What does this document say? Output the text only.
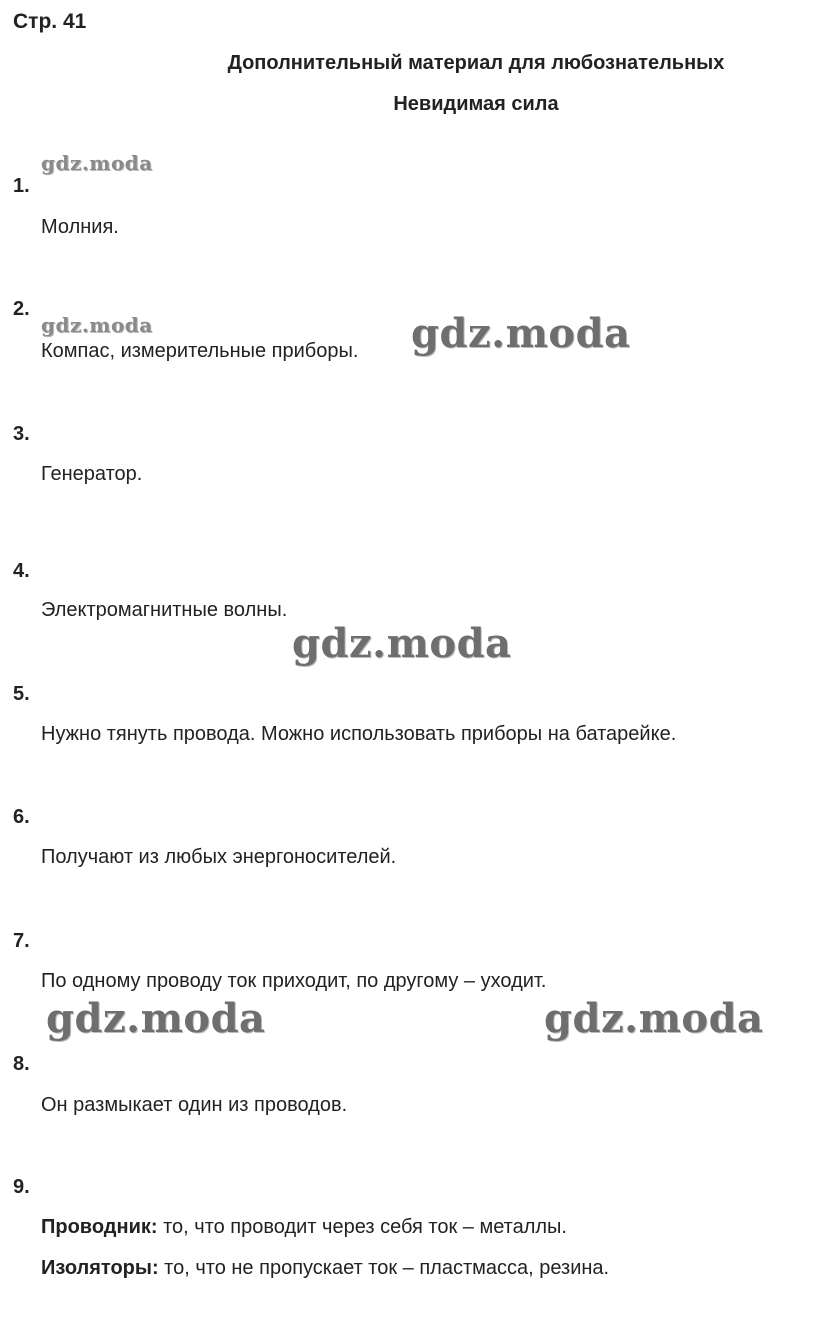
Стр. 41
Дополнительный материал для любознательных
Невидимая сила
1.
Молния.
2.
Компас, измерительные приборы.
3.
Генератор.
4.
Электромагнитные волны.
5.
Нужно тянуть провода. Можно использовать приборы на батарейке.
6.
Получают из любых энергоносителей.
7.
По одному проводу ток приходит, по другому – уходит.
8.
Он размыкает один из проводов.
9.
Проводник: то, что проводит через себя ток – металлы.
Изоляторы: то, что не пропускает ток – пластмасса, резина.
gdz.moda
gdz.moda	gdz.moda
gdz.moda
gdz.moda	gdz.moda
